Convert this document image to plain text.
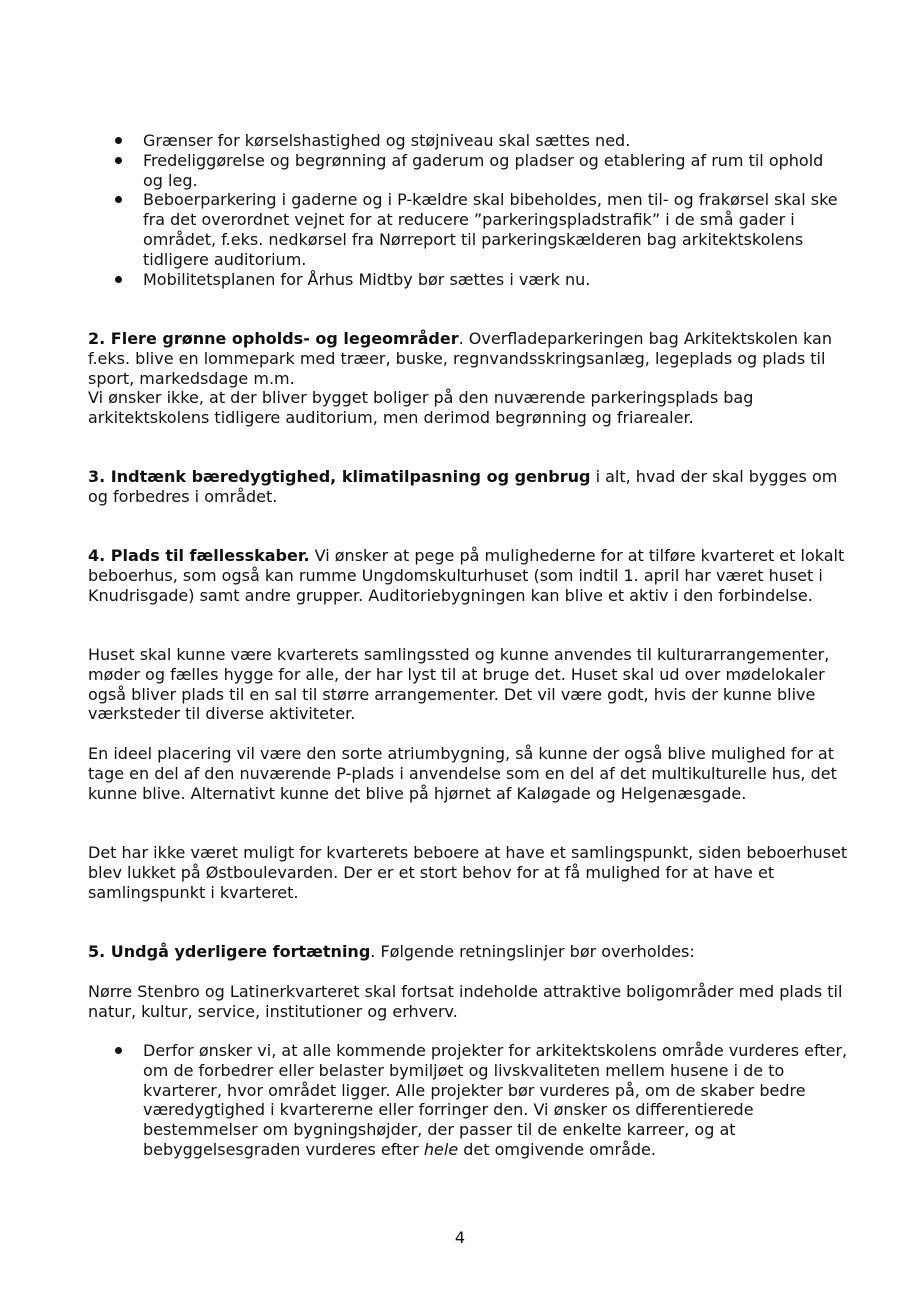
Grænser for kørselshastighed og støjniveau skal sættes ned.
Fredeliggørelse og begrønning af gaderum og pladser og etablering af rum til ophold og leg.
Beboerparkering i gaderne og i P-kældre skal bibeholdes, men til- og frakørsel skal ske fra det overordnet vejnet for at reducere ”parkeringspladstrafik” i de små gader i området, f.eks. nedkørsel fra Nørreport til parkeringskælderen bag arkitektskolens tidligere auditorium.
Mobilitetsplanen for Århus Midtby bør sættes i værk nu.

2. Flere grønne opholds- og legeområder. Overfladeparkeringen bag Arkitektskolen kan f.eks. blive en lommepark med træer, buske, regnvandsskringsanlæg, legeplads og plads til sport, markedsdage m.m.

Vi ønsker ikke, at der bliver bygget boliger på den nuværende parkeringsplads bag arkitektskolens tidligere auditorium, men derimod begrønning og friarealer.

3. Indtænk bæredygtighed, klimatilpasning og genbrug i alt, hvad der skal bygges om og forbedres i området.

4. Plads til fællesskaber. Vi ønsker at pege på mulighederne for at tilføre kvarteret et lokalt beboerhus, som også kan rumme Ungdomskulturhuset (som indtil 1. april har været huset i Knudrisgade) samt andre grupper. Auditoriebygningen kan blive et aktiv i den forbindelse.

Huset skal kunne være kvarterets samlingssted og kunne anvendes til kulturarrangementer, møder og fælles hygge for alle, der har lyst til at bruge det. Huset skal ud over mødelokaler også bliver plads til en sal til større arrangementer. Det vil være godt, hvis der kunne blive værksteder til diverse aktiviteter.

En ideel placering vil være den sorte atriumbygning, så kunne der også blive mulighed for at tage en del af den nuværende P-plads i anvendelse som en del af det multikulturelle hus, det kunne blive. Alternativt kunne det blive på hjørnet af Kaløgade og Helgenæsgade.

Det har ikke været muligt for kvarterets beboere at have et samlingspunkt, siden beboerhuset blev lukket på Østboulevarden. Der er et stort behov for at få mulighed for at have et samlingspunkt i kvarteret.

5. Undgå yderligere fortætning. Følgende retningslinjer bør overholdes:

Nørre Stenbro og Latinerkvarteret skal fortsat indeholde attraktive boligområder med plads til natur, kultur, service, institutioner og erhverv.

Derfor ønsker vi, at alle kommende projekter for arkitektskolens område vurderes efter, om de forbedrer eller belaster bymiljøet og livskvaliteten mellem husene i de to kvarterer, hvor området ligger. Alle projekter bør vurderes på, om de skaber bedre væredygtighed i kvartererne eller forringer den. Vi ønsker os differentierede bestemmelser om bygningshøjder, der passer til de enkelte karreer, og at bebyggelsesgraden vurderes efter hele det omgivende område.
4
